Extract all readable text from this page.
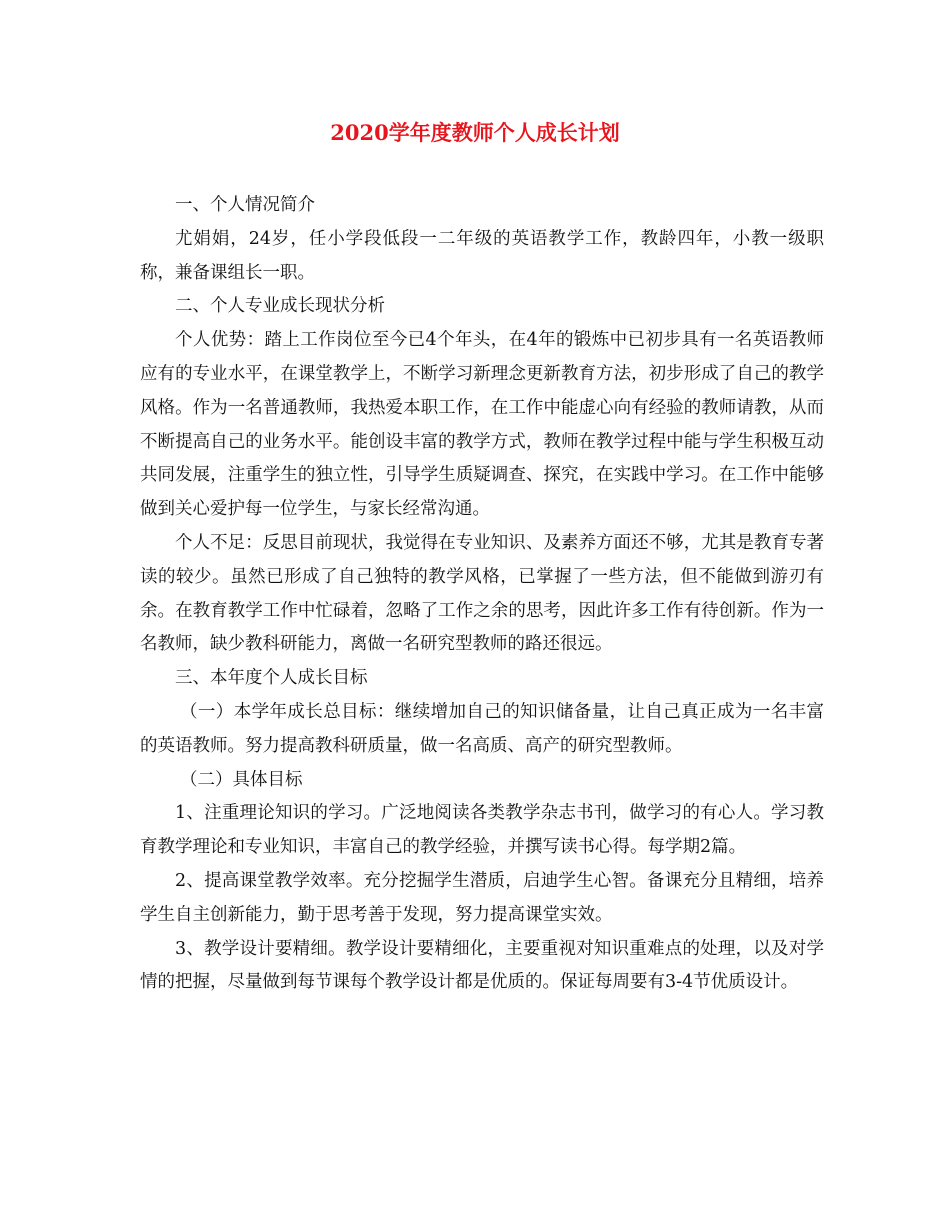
2020学年度教师个人成长计划

一、个人情况简介

尤娟娟，24岁，任小学段低段一二年级的英语教学工作，教龄四年，小教一级职称，兼备课组长一职。

二、个人专业成长现状分析

个人优势：踏上工作岗位至今已4个年头，在4年的锻炼中已初步具有一名英语教师应有的专业水平，在课堂教学上，不断学习新理念更新教育方法，初步形成了自己的教学风格。作为一名普通教师，我热爱本职工作，在工作中能虚心向有经验的教师请教，从而不断提高自己的业务水平。能创设丰富的教学方式，教师在教学过程中能与学生积极互动共同发展，注重学生的独立性，引导学生质疑调查、探究，在实践中学习。在工作中能够做到关心爱护每一位学生，与家长经常沟通。

个人不足：反思目前现状，我觉得在专业知识、及素养方面还不够，尤其是教育专著读的较少。虽然已形成了自己独特的教学风格，已掌握了一些方法，但不能做到游刃有余。在教育教学工作中忙碌着，忽略了工作之余的思考，因此许多工作有待创新。作为一名教师，缺少教科研能力，离做一名研究型教师的路还很远。

三、本年度个人成长目标

（一）本学年成长总目标：继续增加自己的知识储备量，让自己真正成为一名丰富的英语教师。努力提高教科研质量，做一名高质、高产的研究型教师。

（二）具体目标

1、注重理论知识的学习。广泛地阅读各类教学杂志书刊，做学习的有心人。学习教育教学理论和专业知识，丰富自己的教学经验，并撰写读书心得。每学期2篇。

2、提高课堂教学效率。充分挖掘学生潜质，启迪学生心智。备课充分且精细，培养学生自主创新能力，勤于思考善于发现，努力提高课堂实效。

3、教学设计要精细。教学设计要精细化，主要重视对知识重难点的处理，以及对学情的把握，尽量做到每节课每个教学设计都是优质的。保证每周要有3-4节优质设计。
